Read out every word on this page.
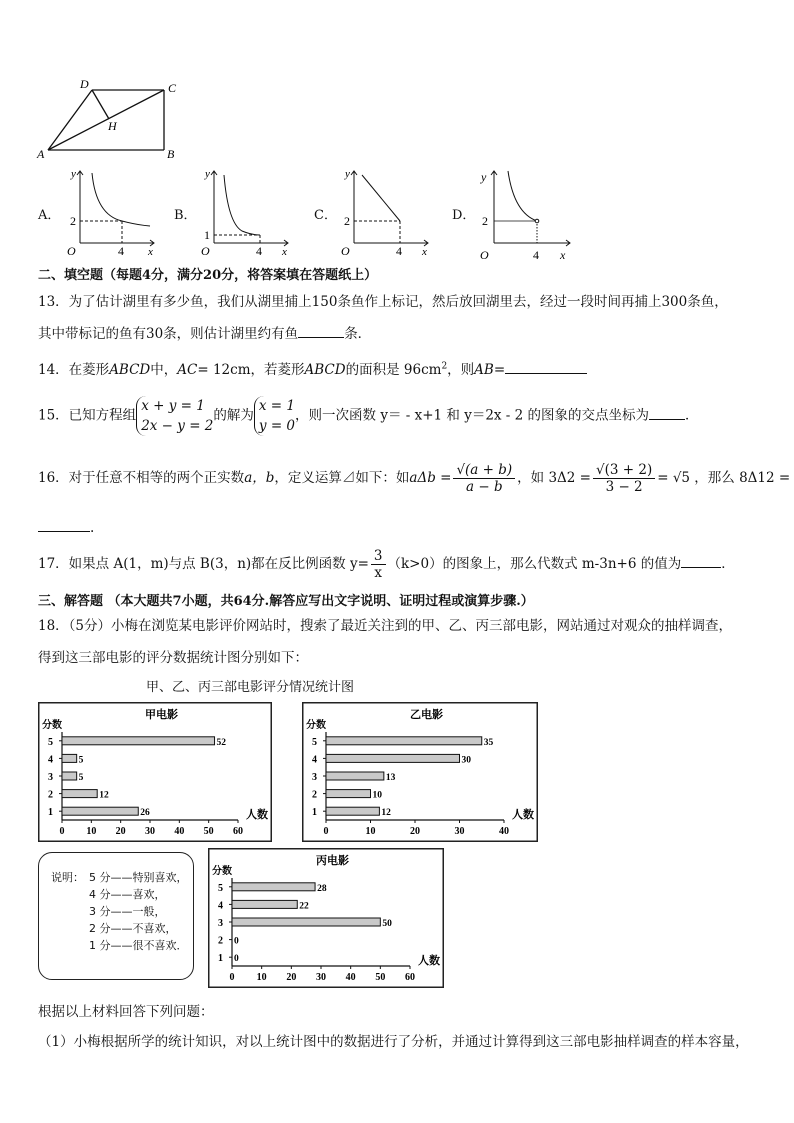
D	C
H
A	B
A．
y
x
O
2
4
B．
y
x
O
1
4
C．
y
x
O
2
4
D．
y
x
O
2
4
二、填空题（每题4分，满分20分，将答案填在答题纸上）
13．为了估计湖里有多少鱼，我们从湖里捕上150条鱼作上标记，然后放回湖里去，经过一段时间再捕上300条鱼，
其中带标记的鱼有30条，则估计湖里约有鱼	条．
14．在菱形ABCD中，AC= 12cm，若菱形ABCD的面积是 $96cm^2$，则AB=
15．已知方程组
x + y = 1
2x − y = 2
的解为
x = 1
y = 0
，则一次函数 y＝ - x+1 和 y＝2x - 2 的图象的交点坐标为	．
16．对于任意不相等的两个正实数a，b，定义运算⊿如下：如$a\Delta b = \frac{√(a + b)}{a - b}$ ，如 $3\Delta 2 = \frac{√(3 + 2)}{3 - 2} = √5$ ，那么 8Δ12 =
.
17．如果点 A(1，m)与点 B(3，n)都在反比例函数 $y= \frac{3}{x} (k>0)$的图象上，那么代数式 m-3n+6 的值为	．
三、解答题 （本大题共7小题，共64分.解答应写出文字说明、证明过程或演算步骤.）
18．（5分）小梅在浏览某电影评价网站时，搜索了最近关注到的甲、乙、丙三部电影，网站通过对观众的抽样调查，
得到这三部电影的评分数据统计图分别如下：
甲、乙、丙三部电影评分情况统计图
甲电影
分数
人数
0 10 20 30 40 50 60
5	52
4	5
3	5
2	12
1	26
乙电影
分数
人数
0	10	20	30	40
5	35
4	30
3	13
2	10
1	12
丙电影
分数
人数
0 10 20 30 40 50 60
5	28
4	22
3	50
2 0
1 0
说明： 5 分——特别喜欢，
4 分——喜欢，
3 分——一般，
2 分——不喜欢，
1 分——很不喜欢．
根据以上材料回答下列问题：
（1）小梅根据所学的统计知识，对以上统计图中的数据进行了分析，并通过计算得到这三部电影抽样调查的样本容量，
